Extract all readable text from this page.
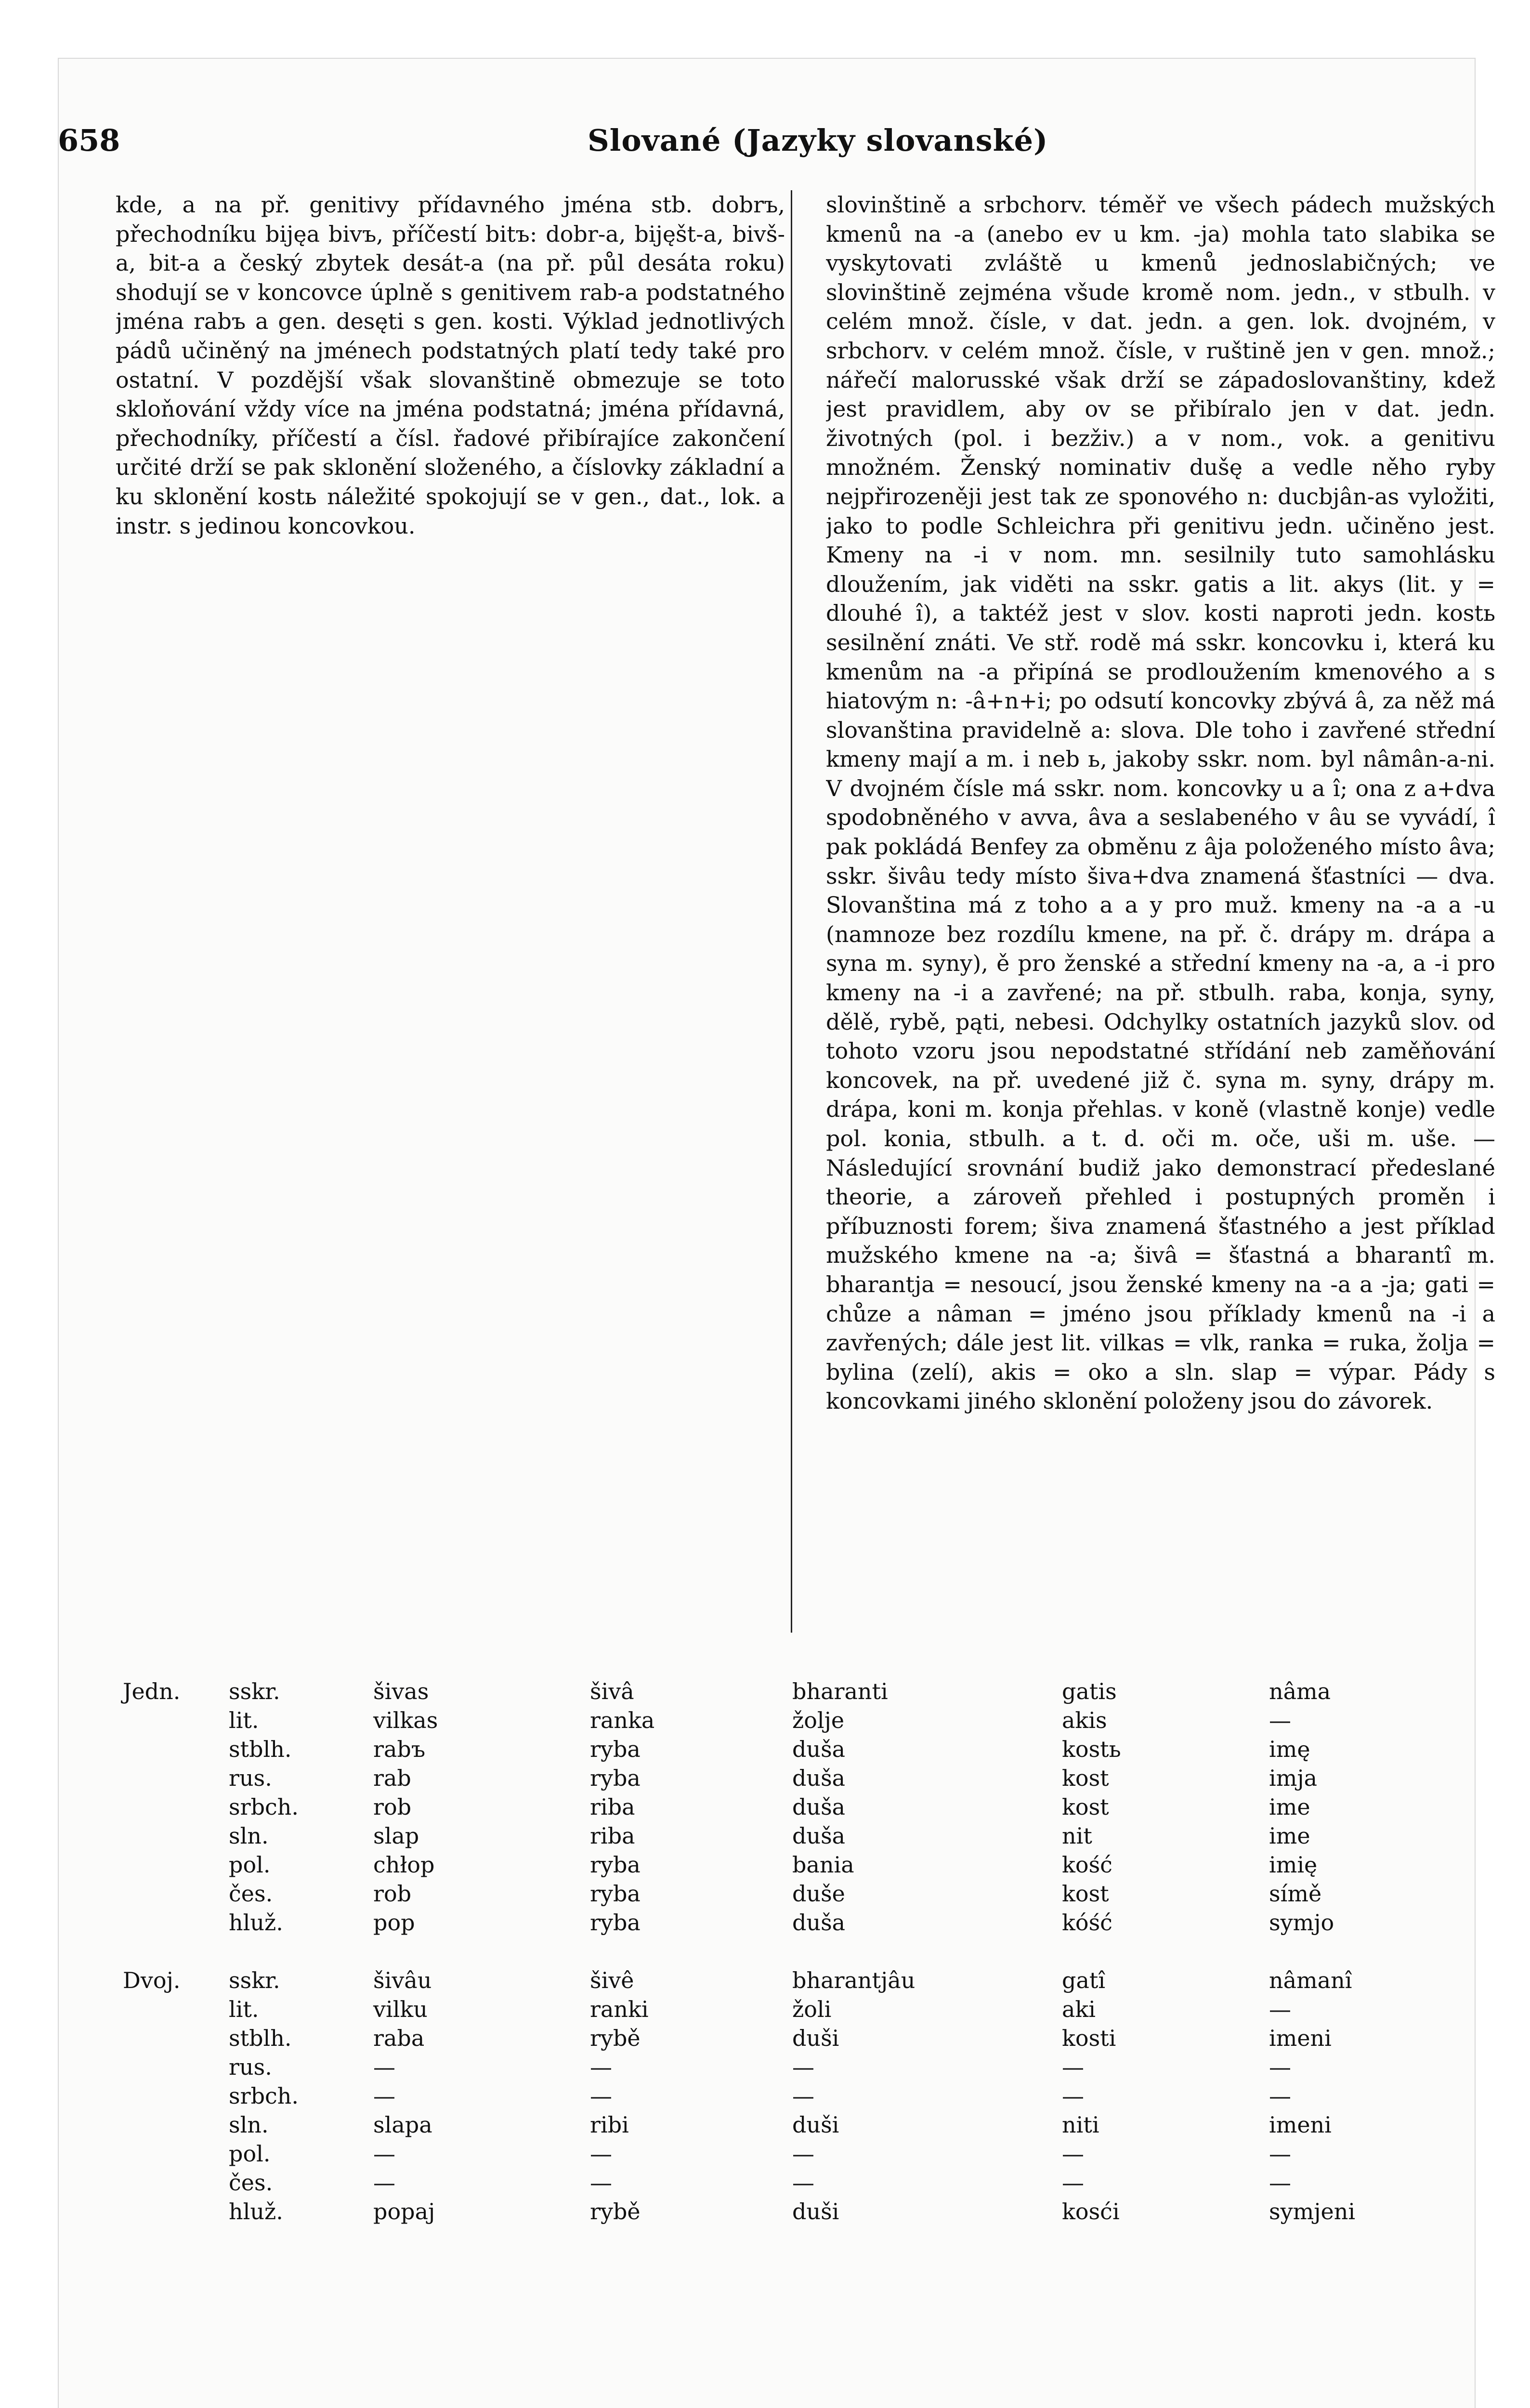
658	Slované (Jazyky slovanské)

kde, a na př. genitivy přídavného jména stb. dobrъ, přechodníku bijęa bivъ, příčestí bitъ: dobr-a, bijęšt-a, bivš-a, bit-a a český zbytek desát-a (na př. půl desáta roku) shodují se v koncovce úplně s genitivem rab-a podstatného jména rabъ a gen. desęti s gen. kosti. Výklad jednotlivých pádů učiněný na jménech podstatných platí tedy také pro ostatní. V pozdější však slovanštině obmezuje se toto skloňování vždy více na jména podstatná; jména přídavná, přechodníky, příčestí a čísl. řadové přibírajíce zakončení určité drží se pak sklonění složeného, a číslovky základní a ku sklonění kostь náležité spokojují se v gen., dat., lok. a instr. s jedinou koncovkou.

slovinštině a srbchorv. téměř ve všech pádech mužských kmenů na -a (anebo ev u km. -ja) mohla tato slabika se vyskytovati zvláště u kmenů jednoslabičných; ve slovinštině zejména všude kromě nom. jedn., v stbulh. v celém množ. čísle, v dat. jedn. a gen. lok. dvojném, v srbchorv. v celém množ. čísle, v ruštině jen v gen. množ.; nářečí malorusské však drží se západoslovanštiny, kdež jest pravidlem, aby ov se přibíralo jen v dat. jedn. životných (pol. i bezživ.) a v nom., vok. a genitivu množném. Ženský nominativ dušę a vedle něho ryby nejpřirozeněji jest tak ze sponového n: ducbjân-as vyložiti, jako to podle Schleichra při genitivu jedn. učiněno jest. Kmeny na -i v nom. mn. sesilnily tuto samohlásku dloužením, jak viděti na sskr. gatis a lit. akys (lit. y = dlouhé î), a taktéž jest v slov. kosti naproti jedn. kostь sesilnění znáti. Ve stř. rodě má sskr. koncovku i, která ku kmenům na -a připíná se prodloužením kmenového a s hiatovým n: -â+n+i; po odsutí koncovky zbývá â, za něž má slovanština pravidelně a: slova. Dle toho i zavřené střední kmeny mají a m. i neb ь, jakoby sskr. nom. byl nâmân-a-ni. V dvojném čísle má sskr. nom. koncovky u a î; ona z a+dva spodobněného v avva, âva a seslabeného v âu se vyvádí, î pak pokládá Benfey za obměnu z âja položeného místo âva; sskr. šivâu tedy místo šiva+dva znamená šťastníci — dva. Slovanština má z toho a a y pro muž. kmeny na -a a -u (namnoze bez rozdílu kmene, na př. č. drápy m. drápa a syna m. syny), ě pro ženské a střední kmeny na -a, a -i pro kmeny na -i a zavřené; na př. stbulh. raba, konja, syny, dělě, rybě, pąti, nebesi. Odchylky ostatních jazyků slov. od tohoto vzoru jsou nepodstatné střídání neb zaměňování koncovek, na př. uvedené již č. syna m. syny, drápy m. drápa, koni m. konja přehlas. v koně (vlastně konje) vedle pol. konia, stbulh. a t. d. oči m. oče, uši m. uše. — Následující srovnání budiž jako demonstrací předeslané theorie, a zároveň přehled i postupných proměn i příbuznosti forem; šiva znamená šťastného a jest příklad mužského kmene na -a; šivâ = šťastná a bharantî m. bharantja = nesoucí, jsou ženské kmeny na -a a -ja; gati = chůze a nâman = jméno jsou příklady kmenů na -i a zavřených; dále jest lit. vilkas = vlk, ranka = ruka, žolja = bylina (zelí), akis = oko a sln. slap = výpar. Pády s koncovkami jiného sklonění položeny jsou do závorek.

Jedn.	sskr.	šivas	šivâ	bharanti	gatis	nâma
	lit.	vilkas	ranka	žolje	akis	—
	stblh.	rabъ	ryba	duša	kostь	imę
	rus.	rab	ryba	duša	kost	imja
	srbch.	rob	riba	duša	kost	ime
	sln.	slap	riba	duša	nit	ime
	pol.	chłop	ryba	bania	kość	imię
	čes.	rob	ryba	duše	kost	símě
	hluž.	pop	ryba	duša	kóść	symjo
Dvoj.	sskr.	šivâu	šivê	bharantjâu	gatî	nâmanî
	lit.	vilku	ranki	žoli	aki	—
	stblh.	raba	rybě	duši	kosti	imeni
	rus.	—	—	—	—	—
	srbch.	—	—	—	—	—
	sln.	slapa	ribi	duši	niti	imeni
	pol.	—	—	—	—	—
	čes.	—	—	—	—	—
	hluž.	popaj	rybě	duši	kosći	symjeni
